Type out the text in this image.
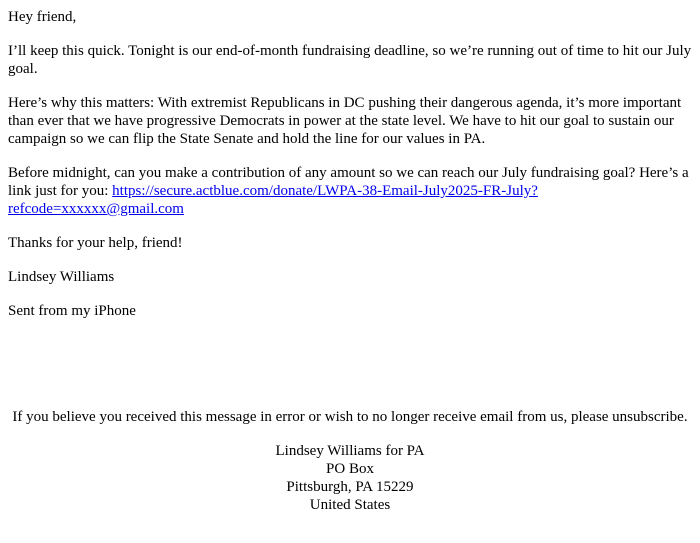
Hey friend,

I’ll keep this quick. Tonight is our end-of-month fundraising deadline, so we’re running out of time to hit our July goal.

Here’s why this matters: With extremist Republicans in DC pushing their dangerous agenda, it’s more important than ever that we have progressive Democrats in power at the state level. We have to hit our goal to sustain our campaign so we can flip the State Senate and hold the line for our values in PA.

Before midnight, can you make a contribution of any amount so we can reach our July fundraising goal? Here’s a link just for you: https://secure.actblue.com/donate/LWPA-38-Email-July2025-FR-July?refcode=xxxxxx@gmail.com

Thanks for your help, friend!

Lindsey Williams

Sent from my iPhone

If you believe you received this message in error or wish to no longer receive email from us, please unsubscribe.

Lindsey Williams for PA
PO Box
Pittsburgh, PA 15229
United States
